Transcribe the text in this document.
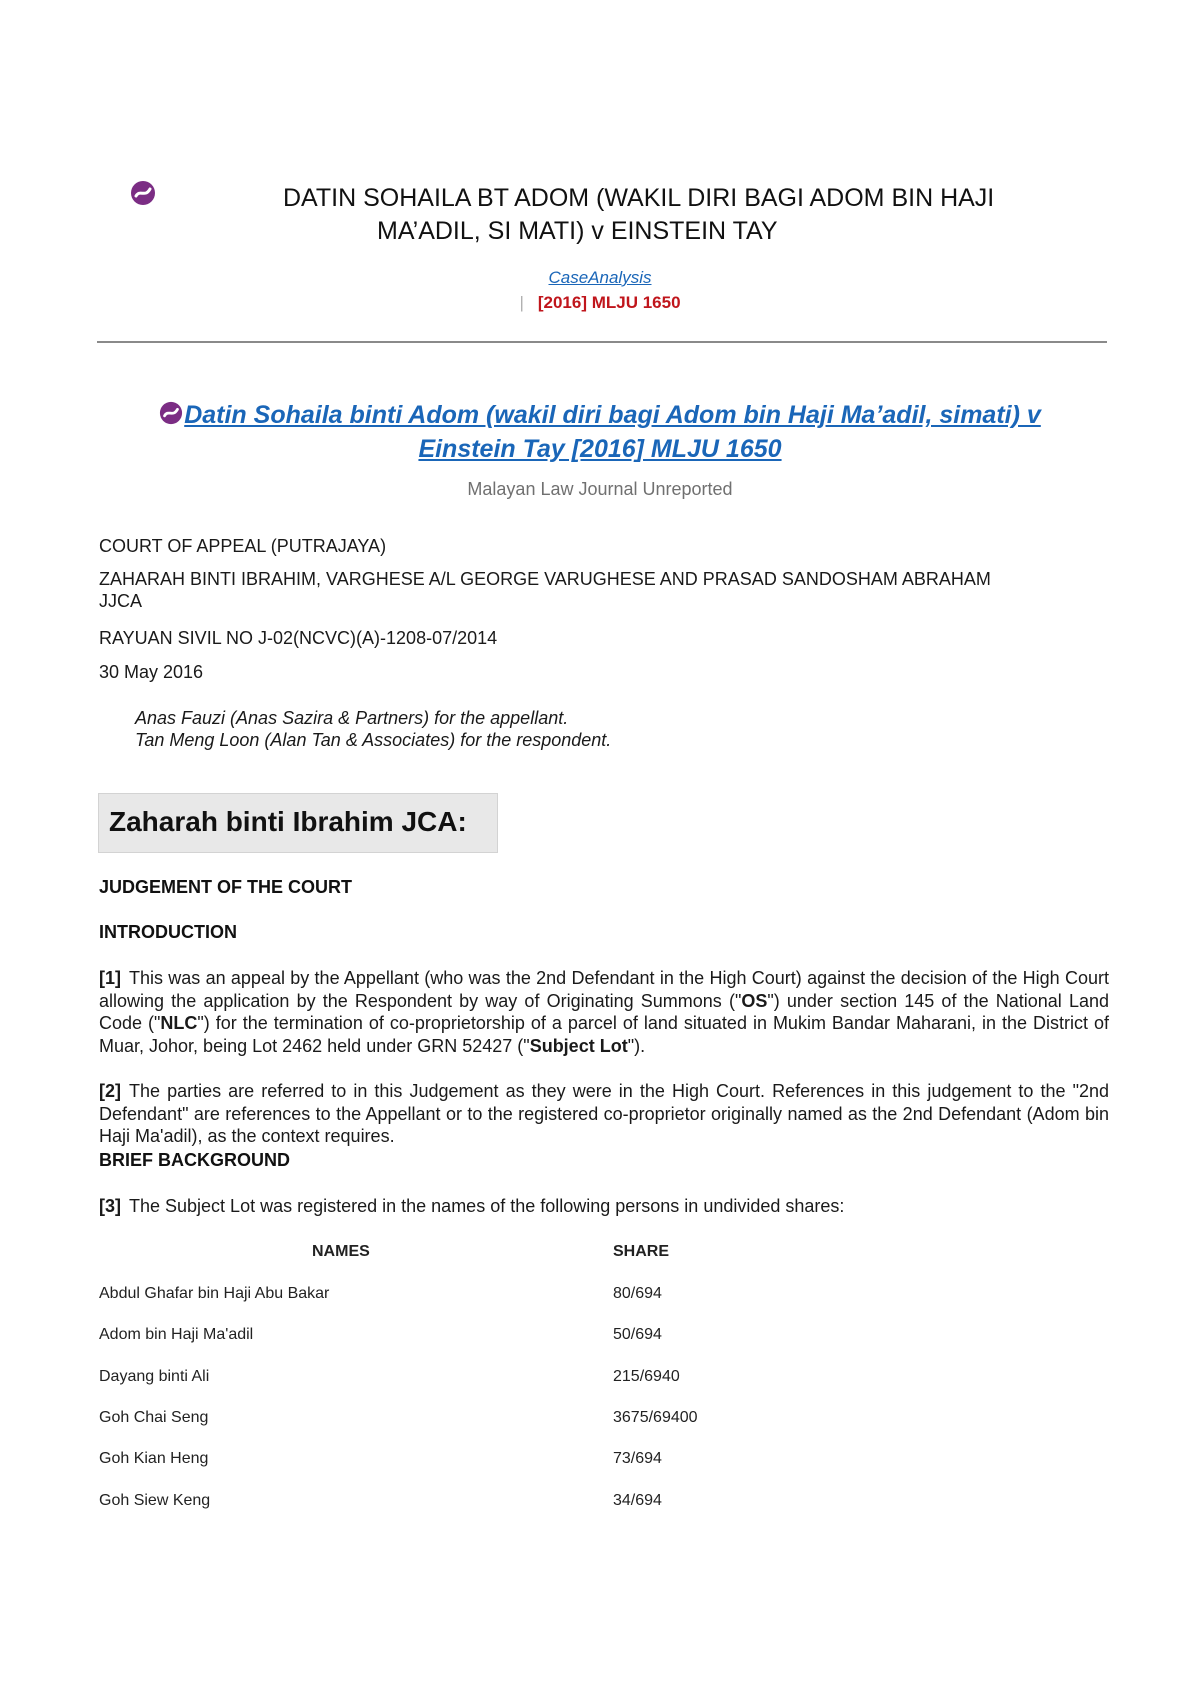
DATIN SOHAILA BT ADOM (WAKIL DIRI BAGI ADOM BIN HAJI
MA’ADIL, SI MATI) v EINSTEIN TAY
CaseAnalysis
| [2016] MLJU 1650
Datin Sohaila binti Adom (wakil diri bagi Adom bin Haji Ma’adil, simati) v
Einstein Tay [2016] MLJU 1650
Malayan Law Journal Unreported
COURT OF APPEAL (PUTRAJAYA)
ZAHARAH BINTI IBRAHIM, VARGHESE A/L GEORGE VARUGHESE AND PRASAD SANDOSHAM ABRAHAM
JJCA
RAYUAN SIVIL NO J-02(NCVC)(A)-1208-07/2014
30 May 2016
Anas Fauzi (Anas Sazira & Partners) for the appellant.
Tan Meng Loon (Alan Tan & Associates) for the respondent.
Zaharah binti Ibrahim JCA:
JUDGEMENT OF THE COURT
INTRODUCTION
[1] This was an appeal by the Appellant (who was the 2nd Defendant in the High Court) against the decision of the High Court allowing the application by the Respondent by way of Originating Summons ("OS") under section 145 of the National Land Code ("NLC") for the termination of co-proprietorship of a parcel of land situated in Mukim Bandar Maharani, in the District of Muar, Johor, being Lot 2462 held under GRN 52427 ("Subject Lot").
[2] The parties are referred to in this Judgement as they were in the High Court. References in this judgement to the "2nd Defendant" are references to the Appellant or to the registered co-proprietor originally named as the 2nd Defendant (Adom bin Haji Ma'adil), as the context requires.
BRIEF BACKGROUND
[3] The Subject Lot was registered in the names of the following persons in undivided shares:
NAMES	SHARE
Abdul Ghafar bin Haji Abu Bakar	80/694
Adom bin Haji Ma'adil	50/694
Dayang binti Ali	215/6940
Goh Chai Seng	3675/69400
Goh Kian Heng	73/694
Goh Siew Keng	34/694
